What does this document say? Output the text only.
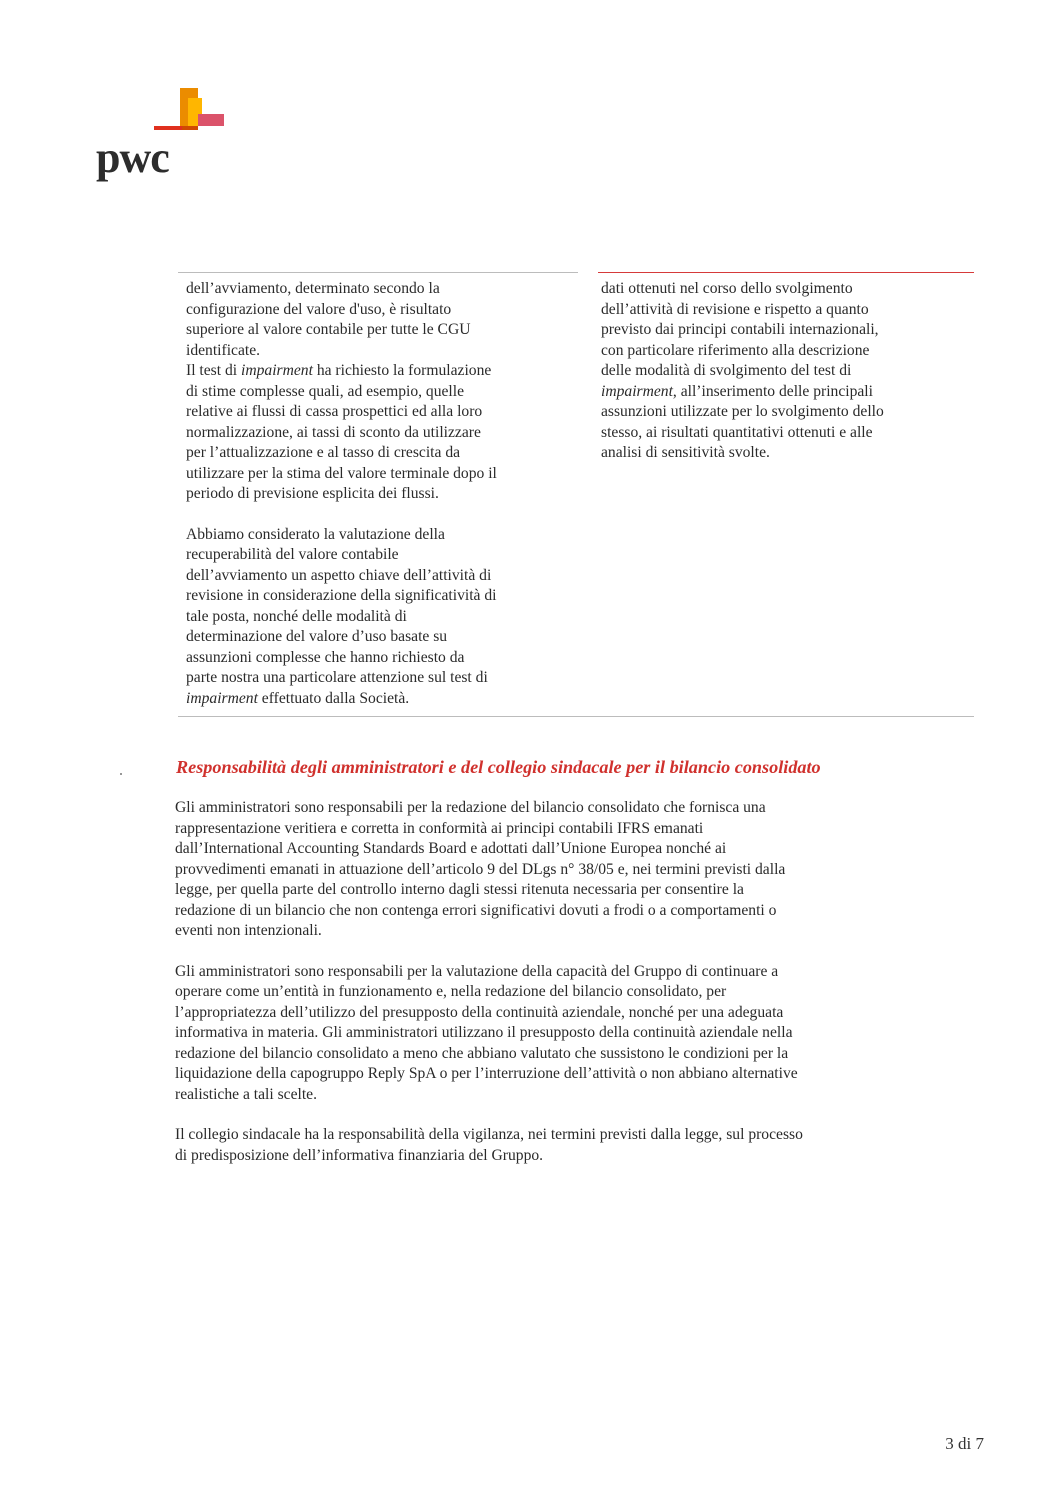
pwc

dell’avviamento, determinato secondo la
configurazione del valore d'uso, è risultato
superiore al valore contabile per tutte le CGU
identificate.

Il test di impairment ha richiesto la formulazione
di stime complesse quali, ad esempio, quelle
relative ai flussi di cassa prospettici ed alla loro
normalizzazione, ai tassi di sconto da utilizzare
per l’attualizzazione e al tasso di crescita da
utilizzare per la stima del valore terminale dopo il
periodo di previsione esplicita dei flussi.

Abbiamo considerato la valutazione della
recuperabilità del valore contabile
dell’avviamento un aspetto chiave dell’attività di
revisione in considerazione della significatività di
tale posta, nonché delle modalità di
determinazione del valore d’uso basate su
assunzioni complesse che hanno richiesto da
parte nostra una particolare attenzione sul test di
impairment effettuato dalla Società.

dati ottenuti nel corso dello svolgimento
dell’attività di revisione e rispetto a quanto
previsto dai principi contabili internazionali,
con particolare riferimento alla descrizione
delle modalità di svolgimento del test di
impairment, all’inserimento delle principali
assunzioni utilizzate per lo svolgimento dello
stesso, ai risultati quantitativi ottenuti e alle
analisi di sensitività svolte.

Responsabilità degli amministratori e del collegio sindacale per il bilancio consolidato

Gli amministratori sono responsabili per la redazione del bilancio consolidato che fornisca una
rappresentazione veritiera e corretta in conformità ai principi contabili IFRS emanati
dall’International Accounting Standards Board e adottati dall’Unione Europea nonché ai
provvedimenti emanati in attuazione dell’articolo 9 del DLgs n° 38/05 e, nei termini previsti dalla
legge, per quella parte del controllo interno dagli stessi ritenuta necessaria per consentire la
redazione di un bilancio che non contenga errori significativi dovuti a frodi o a comportamenti o
eventi non intenzionali.

Gli amministratori sono responsabili per la valutazione della capacità del Gruppo di continuare a
operare come un’entità in funzionamento e, nella redazione del bilancio consolidato, per
l’appropriatezza dell’utilizzo del presupposto della continuità aziendale, nonché per una adeguata
informativa in materia. Gli amministratori utilizzano il presupposto della continuità aziendale nella
redazione del bilancio consolidato a meno che abbiano valutato che sussistono le condizioni per la
liquidazione della capogruppo Reply SpA o per l’interruzione dell’attività o non abbiano alternative
realistiche a tali scelte.

Il collegio sindacale ha la responsabilità della vigilanza, nei termini previsti dalla legge, sul processo
di predisposizione dell’informativa finanziaria del Gruppo.

3 di 7
